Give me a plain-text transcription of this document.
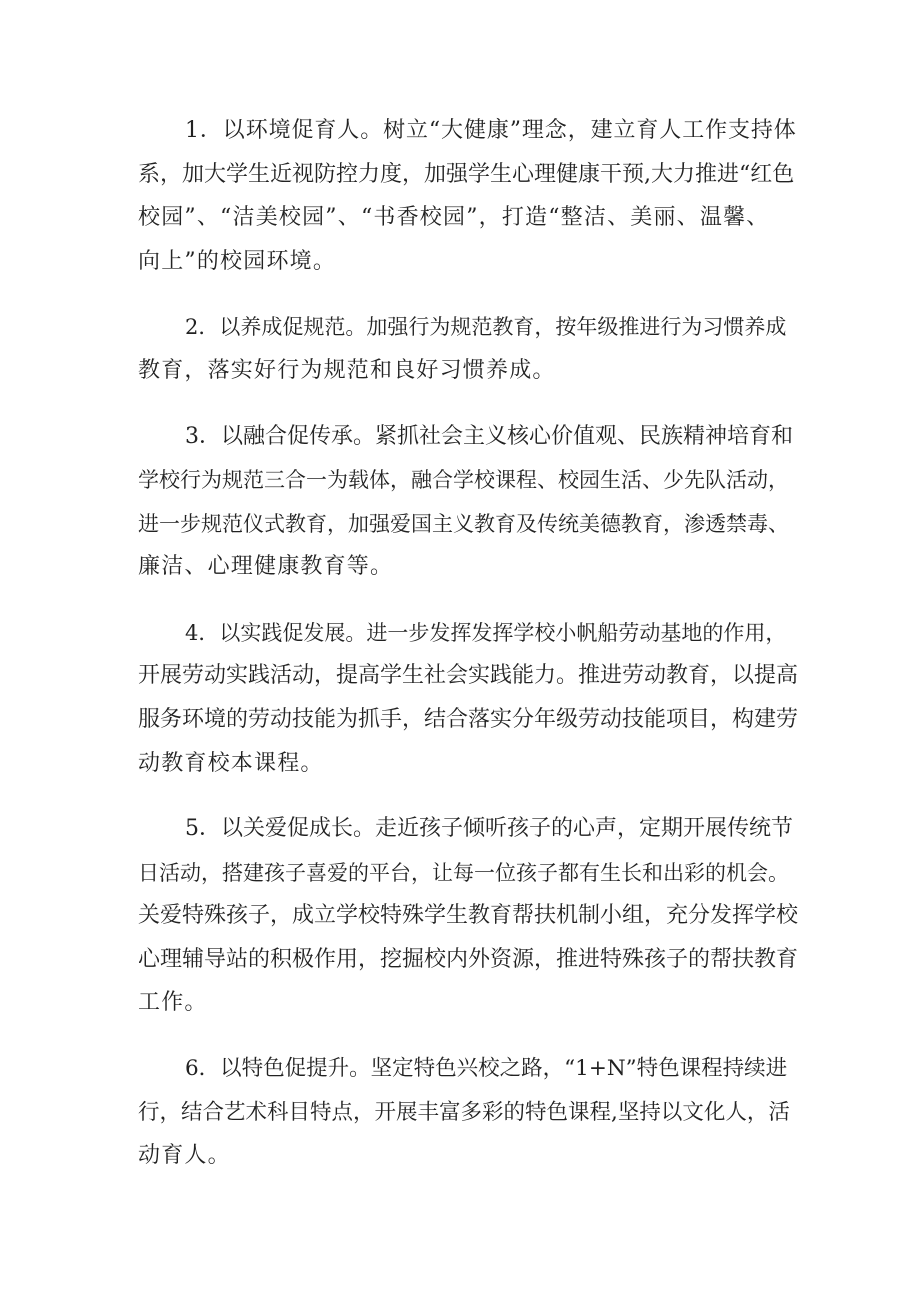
1．以环境促育人。树立“大健康”理念，建立育人工作支持体
系，加大学生近视防控力度，加强学生心理健康干预,大力推进“红色
校园”、“洁美校园”、“书香校园”，打造“整洁、美丽、温馨、
向上”的校园环境。
2．以养成促规范。加强行为规范教育，按年级推进行为习惯养成
教育，落实好行为规范和良好习惯养成。
3．以融合促传承。紧抓社会主义核心价值观、民族精神培育和
学校行为规范三合一为载体，融合学校课程、校园生活、少先队活动，
进一步规范仪式教育，加强爱国主义教育及传统美德教育，渗透禁毒、
廉洁、心理健康教育等。
4．以实践促发展。进一步发挥发挥学校小帆船劳动基地的作用，
开展劳动实践活动，提高学生社会实践能力。推进劳动教育，以提高
服务环境的劳动技能为抓手，结合落实分年级劳动技能项目，构建劳
动教育校本课程。
5．以关爱促成长。走近孩子倾听孩子的心声，定期开展传统节
日活动，搭建孩子喜爱的平台，让每一位孩子都有生长和出彩的机会。
关爱特殊孩子，成立学校特殊学生教育帮扶机制小组，充分发挥学校
心理辅导站的积极作用，挖掘校内外资源，推进特殊孩子的帮扶教育
工作。
6．以特色促提升。坚定特色兴校之路，“1+N”特色课程持续进
行，结合艺术科目特点，开展丰富多彩的特色课程,坚持以文化人，活
动育人。
